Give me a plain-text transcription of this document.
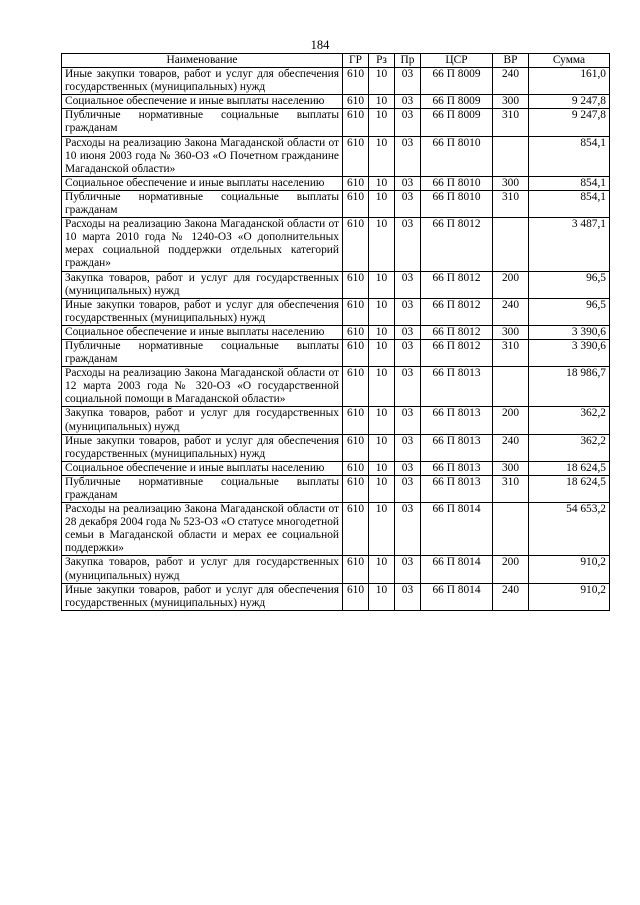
184
Наименование	ГР	Рз	Пр	ЦСР	ВР	Сумма
Иные закупки товаров, работ и услуг для обеспечения государственных (муниципальных) нужд	610	10	03	66 П 8009	240	161,0
Социальное обеспечение и иные выплаты населению	610	10	03	66 П 8009	300	9 247,8
Публичные нормативные социальные выплаты гражданам	610	10	03	66 П 8009	310	9 247,8
Расходы на реализацию Закона Магаданской области от 10 июня 2003 года № 360-ОЗ «О Почетном гражданине Магаданской области»	610	10	03	66 П 8010		854,1
Социальное обеспечение и иные выплаты населению	610	10	03	66 П 8010	300	854,1
Публичные нормативные социальные выплаты гражданам	610	10	03	66 П 8010	310	854,1
Расходы на реализацию Закона Магаданской области от 10 марта 2010 года № 1240-ОЗ «О дополнительных мерах социальной поддержки отдельных категорий граждан»	610	10	03	66 П 8012		3 487,1
Закупка товаров, работ и услуг для государственных (муниципальных) нужд	610	10	03	66 П 8012	200	96,5
Иные закупки товаров, работ и услуг для обеспечения государственных (муниципальных) нужд	610	10	03	66 П 8012	240	96,5
Социальное обеспечение и иные выплаты населению	610	10	03	66 П 8012	300	3 390,6
Публичные нормативные социальные выплаты гражданам	610	10	03	66 П 8012	310	3 390,6
Расходы на реализацию Закона Магаданской области от 12 марта 2003 года № 320-ОЗ «О государственной социальной помощи в Магаданской области»	610	10	03	66 П 8013		18 986,7
Закупка товаров, работ и услуг для государственных (муниципальных) нужд	610	10	03	66 П 8013	200	362,2
Иные закупки товаров, работ и услуг для обеспечения государственных (муниципальных) нужд	610	10	03	66 П 8013	240	362,2
Социальное обеспечение и иные выплаты населению	610	10	03	66 П 8013	300	18 624,5
Публичные нормативные социальные выплаты гражданам	610	10	03	66 П 8013	310	18 624,5
Расходы на реализацию Закона Магаданской области от 28 декабря 2004 года № 523-ОЗ «О статусе многодетной семьи в Магаданской области и мерах ее социальной поддержки»	610	10	03	66 П 8014		54 653,2
Закупка товаров, работ и услуг для государственных (муниципальных) нужд	610	10	03	66 П 8014	200	910,2
Иные закупки товаров, работ и услуг для обеспечения государственных (муниципальных) нужд	610	10	03	66 П 8014	240	910,2
